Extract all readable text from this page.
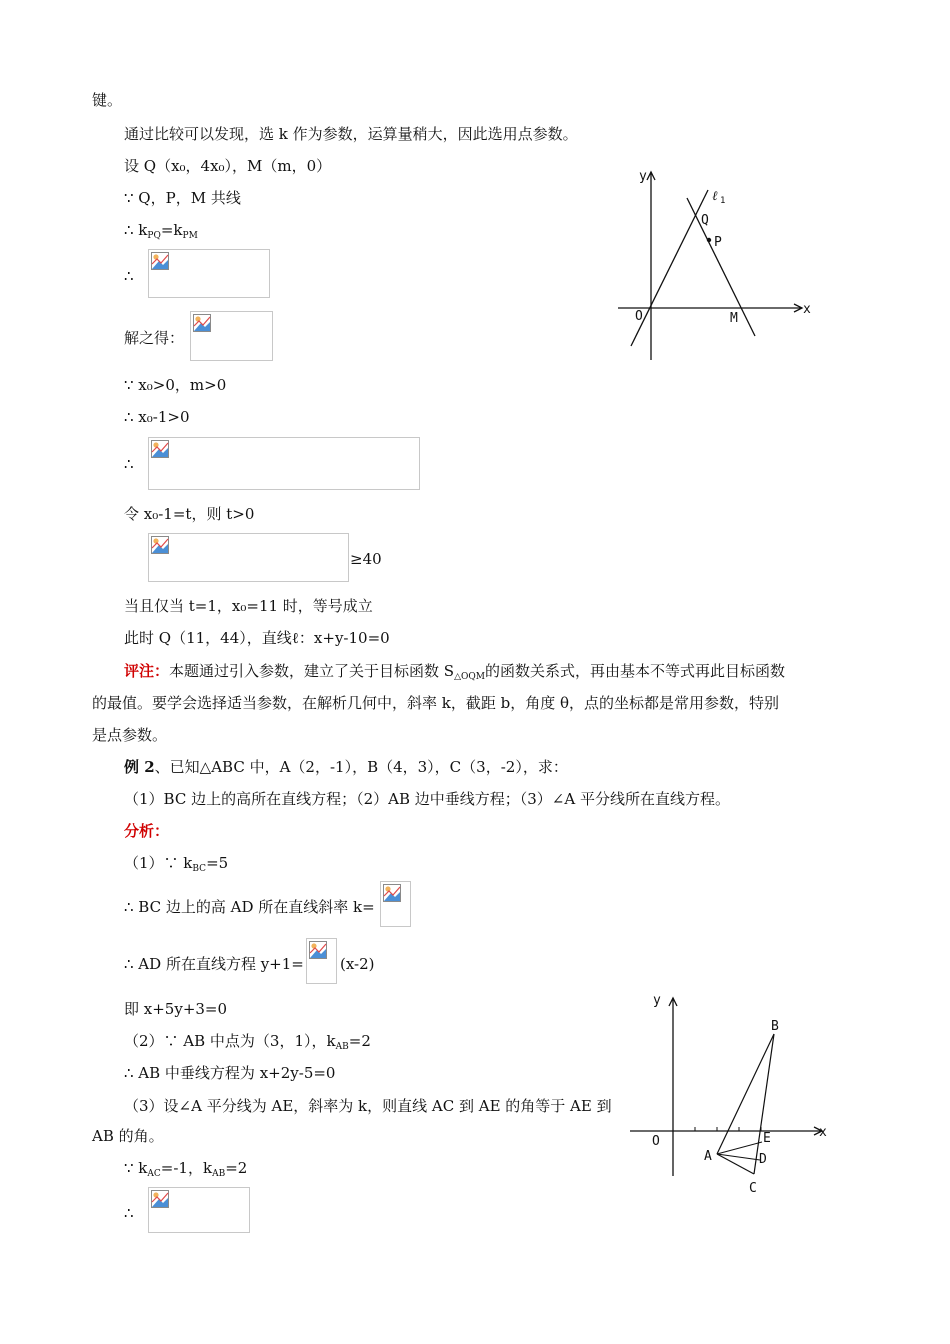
键。
通过比较可以发现，选 k 作为参数，运算量稍大，因此选用点参数。
设 Q（x₀，4x₀），M（m，0）
∵ Q，P，M 共线
∴ $k_{PQ}=k_{PM}$
∴
解之得：
∵ x₀>0，m>0
∴ x₀-1>0
∴
令 x₀-1=t，则 t>0
≥40
当且仅当 t=1，x₀=11 时，等号成立
此时 Q（11，44），直线ℓ：x+y-10=0
评注：本题通过引入参数，建立了关于目标函数 $S_{\triangle OQM}$的函数关系式，再由基本不等式再此目标函数
的最值。要学会选择适当参数，在解析几何中，斜率 k，截距 b，角度 θ，点的坐标都是常用参数，特别
是点参数。
例 2、已知△ABC 中，A（2，-1），B（4，3），C（3，-2），求：
（1）BC 边上的高所在直线方程；（2）AB 边中垂线方程；（3）∠A 平分线所在直线方程。
分析：
（1）∵ $k_{BC}=5$
∴ BC 边上的高 AD 所在直线斜率 k=
∴ AD 所在直线方程 y+1= (x-2)
即 x+5y+3=0
（2）∵ AB 中点为（3，1），$k_{AB}=2$
∴ AB 中垂线方程为 x+2y-5=0
（3）设∠A 平分线为 AE，斜率为 k，则直线 AC 到 AE 的角等于 AE 到
AB 的角。
∵ $k_{AC}=-1$，$k_{AB}=2$
∴
y
x
O
ℓ 1
Q
P
M
y
x
O
A
B
C
D
E
